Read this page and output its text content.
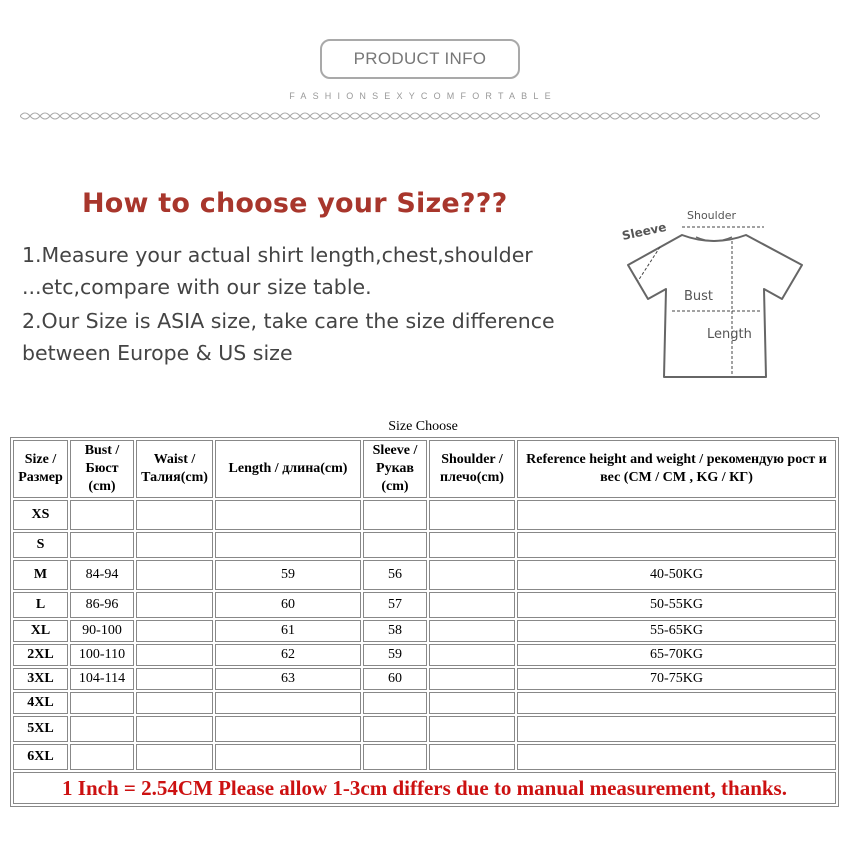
PRODUCT INFO
FASHIONSEXYCOMFORTABLE
How to choose your Size???
1.Measure your actual shirt length,chest,shoulder
...etc,compare with our size table.
2.Our Size is ASIA size, take care the size difference
between Europe & US size
Shoulder
Sleeve
Bust
Length
Size Choose
Size / Размер	Bust / Бюст (cm)	Waist / Талия(cm)	Length / длина(cm)	Sleeve / Рукав (cm)	Shoulder / плечо(cm)	Reference height and weight / рекомендую рост и вес (CM / CM , KG / КГ)
XS						
S						
M	84-94		59	56		40-50KG
L	86-96		60	57		50-55KG
XL	90-100		61	58		55-65KG
2XL	100-110		62	59		65-70KG
3XL	104-114		63	60		70-75KG
4XL						
5XL						
6XL						
1 Inch = 2.54CM Please allow 1-3cm differs due to manual measurement, thanks.						
